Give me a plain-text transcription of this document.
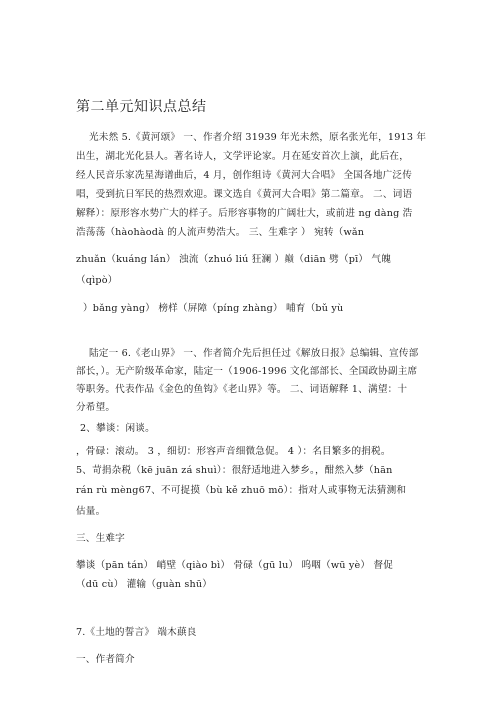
第二单元知识点总结
光未然 5.《黄河颂》 一、作者介绍 31939 年光未然，原名张光年，1913 年
出生，湖北光化县人。著名诗人，文学评论家。月在延安首次上演，此后在，
经人民音乐家冼星海谱曲后，4 月，创作组诗《黄河大合唱》 全国各地广泛传
唱，受到抗日军民的热烈欢迎。课文选自《黄河大合唱》第二篇章。 二、词语
解释）：原形容水势广大的样子。后形容事物的广阔壮大，或前进 ng dàng 浩
浩荡荡（hàohàodà 的人流声势浩大。 三、生难字 ） 宛转（wǎn
zhuǎn（kuáng lán） 浊流（zhuó liú 狂澜 ）巅（diān 劈（pī） 气魄
（qìpò）
）bǎng yàng） 榜样（屏障（píng zhàng） 哺育（bǔ yù
陆定一 6.《老山界》 一、作者简介先后担任过《解放日报》总编辑、宣传部
部长，）。无产阶级革命家，陆定一（1906-1996 文化部部长、全国政协副主席
等职务。代表作品《金色的鱼钩》《老山界》等。 二、词语解释 1、满望：十
分希望。
2、攀谈：闲谈。
，骨碌：滚动。 3 ，细切：形容声音细微急促。 4 ）：名目繁多的捐税。
5、苛捐杂税（kē juān zá shuì）：很舒适地进入梦乡。，酣然入梦（hān
rán rù mèng67、不可捉摸（bù kě zhuō mō）：指对人或事物无法猜测和
估量。
三、生难字
攀谈（pān tán） 峭壁（qiào bì） 骨碌（gū lu） 呜咽（wū yè） 督促
（dū cù） 灌输（guàn shū）
7.《土地的誓言》 端木蕻良
一、作者简介
